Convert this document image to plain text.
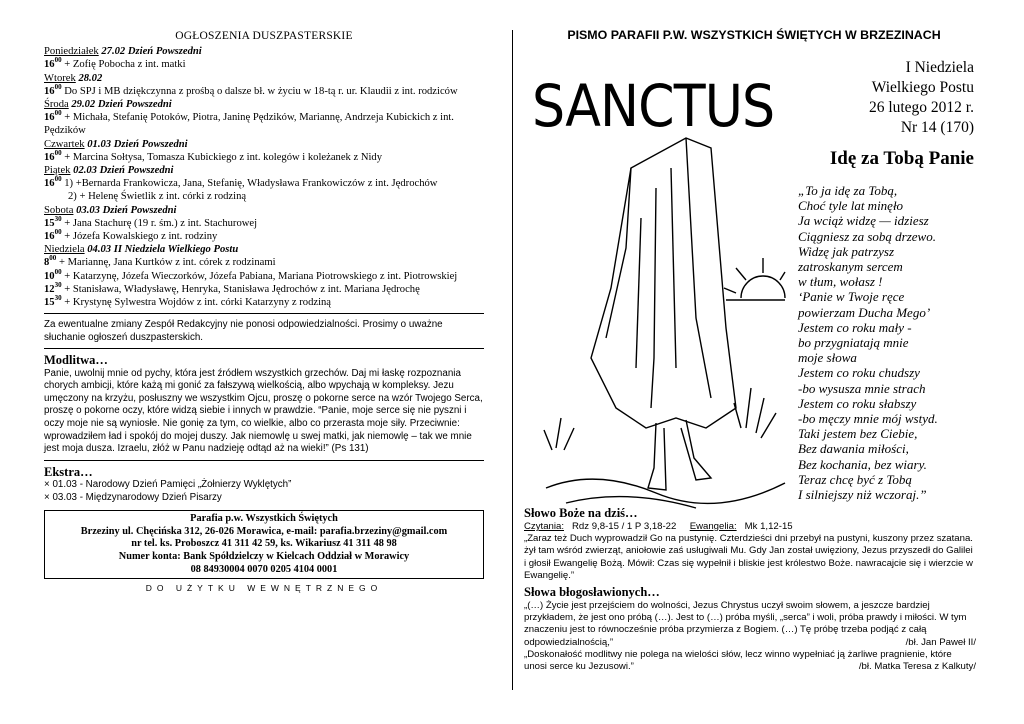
OGŁOSZENIA DUSZPASTERSKIE
Poniedziałek 27.02 Dzień Powszedni
$16^{00}$ + Zofię Pobocha z int. matki
Wtorek 28.02
$16^{00}$ Do SPJ i MB dziękczynna z prośbą o dalsze bł. w życiu w 18-tą r. ur. Klaudii z int. rodziców
Środa 29.02 Dzień Powszedni
$16^{00}$ + Michała, Stefanię Potoków, Piotra, Janinę Pędzików, Mariannę, Andrzeja Kubickich z int. Pędzików
Czwartek 01.03 Dzień Powszedni
$16^{00}$ + Marcina Sołtysa, Tomasza Kubickiego z int. kolegów i koleżanek z Nidy
Piątek 02.03 Dzień Powszedni
$16^{00}$ 1) +Bernarda Frankowicza, Jana, Stefanię, Władysława Frankowiczów z int. Jędrochów
2) + Helenę Świetlik z int. córki z rodziną
Sobota 03.03 Dzień Powszedni
$15^{30}$ + Jana Stachurę (19 r. śm.) z int. Stachurowej
$16^{00}$ + Józefa Kowalskiego z int. rodziny
Niedziela 04.03 II Niedziela Wielkiego Postu
$8^{00}$ + Mariannę, Jana Kurtków z int. córek z rodzinami
$10^{00}$ + Katarzynę, Józefa Wieczorków, Józefa Pabiana, Mariana Piotrowskiego z int. Piotrowskiej
$12^{30}$ + Stanisława, Władysławę, Henryka, Stanisława Jędrochów z int. Mariana Jędrochę
$15^{30}$ + Krystynę Sylwestra Wojdów z int. córki Katarzyny z rodziną
Za ewentualne zmiany Zespół Redakcyjny nie ponosi odpowiedzialności. Prosimy o uważne słuchanie ogłoszeń duszpasterskich.
Modlitwa…
Panie, uwolnij mnie od pychy, która jest źródłem wszystkich grzechów. Daj mi łaskę rozpoznania chorych ambicji, które każą mi gonić za fałszywą wielkością, albo wpychają w kompleksy. Jezu umęczony na krzyżu, posłuszny we wszystkim Ojcu, proszę o pokornе serce na wzór Twojego Serca, proszę o pokornе oczy, które widzą siebie i innych w prawdzie. “Panie, moje serce się nie pyszni i oczy moje nie są wyniosłe. Nie gonię za tym, co wielkie, albo co przerasta moje siły. Przeciwnie: wprowadziłem ład i spokój do mojej duszy. Jak niemowlę u swej matki, jak niemowlę – tak we mnie jest moja dusza. Izraelu, złóż w Panu nadzieję odtąd aż na wieki!” (Ps 131)
Ekstra…
× 01.03 - Narodowy Dzień Pamięci „Żołnierzy Wyklętych”
× 03.03 - Międzynarodowy Dzień Pisarzy
Parafia p.w. Wszystkich Świętych
Brzeziny ul. Chęcińska 312, 26-026 Morawica, e-mail: parafia.brzeziny@gmail.com
nr tel. ks. Proboszcz 41 311 42 59, ks. Wikariusz 41 311 48 98
Numer konta: Bank Spółdzielczy w Kielcach Oddział w Morawicy
08 84930004 0070 0205 4104 0001
DO UŻYTKU WEWNĘTRZNEGO
PISMO PARAFII P.W. WSZYSTKICH ŚWIĘTYCH W BRZEZINACH
SANCTUS
I Niedziela
Wielkiego Postu
26 lutego 2012 r.
Nr 14 (170)
Idę za Tobą Panie
„To ja idę za Tobą,
Choć tyle lat minęło
Ja wciąż widzę — idziesz
Ciągniesz za sobą drzewo.
Widzę jak patrzysz
zatroskanym sercem
w tłum, wołasz !
‘Panie w Twoje ręce
powierzam Ducha Mego’
Jestem co roku mały -
bo przygniatają mnie
moje słowa
Jestem co roku chudszy
-bo wysusza mnie strach
Jestem co roku słabszy
-bo męczy mnie mój wstyd.
Taki jestem bez Ciebie,
Bez dawania miłości,
Bez kochania, bez wiary.
Teraz chcę być z Tobą
I silniejszy niż wczoraj.”
Słowo Boże na dziś…
Czytania: Rdz 9,8-15 / 1 P 3,18-22 Ewangelia: Mk 1,12-15
„Zaraz też Duch wyprowadził Go na pustynię. Czterdzieści dni przebył na pustyni, kuszony przez szatana. żył tam wśród zwierząt, aniołowie zaś usługiwali Mu. Gdy Jan został uwięziony, Jezus przyszedł do Galilei i głosił Ewangelię Bożą. Mówił: Czas się wypełnił i bliskie jest królestwo Boże. nawracajcie się i wierzcie w Ewangelię.”
Słowa błogosławionych…
„(…) Życie jest przejściem do wolności, Jezus Chrystus uczył swoim słowem, a jeszcze bardziej przykładem, że jest ono próbą (…). Jest to (…) próba myśli, „serca” i woli, próba prawdy i miłości. W tym znaczeniu jest to równocześnie próba przymierza z Bogiem. (…) Tę próbę trzeba podjąć z całą odpowiedzialnością,”	/bł. Jan Paweł II/
„Doskonałość modlitwy nie polega na wielości słów, lecz winno wypełniać ją żarliwe pragnienie, które unosi serce ku Jezusowi.”	/bł. Matka Teresa z Kalkuty/
